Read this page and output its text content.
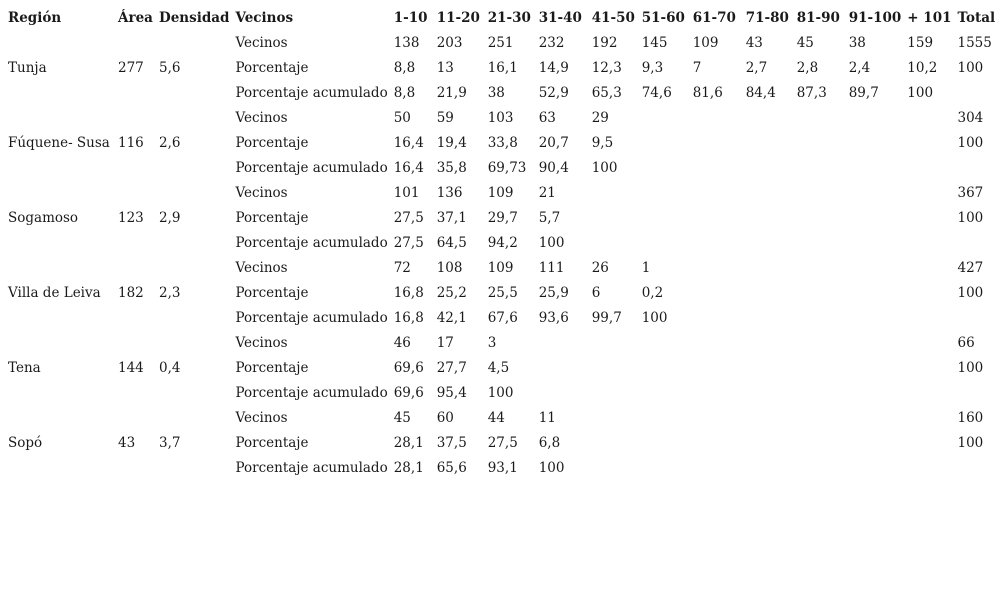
Región	Área	Densidad	Vecinos	1-10	11-20	21-30	31-40	41-50	51-60	61-70	71-80	81-90	91-100	+ 101	Total
			Vecinos	138	203	251	232	192	145	109	43	45	38	159	1555
Tunja	277	5,6	Porcentaje	8,8	13	16,1	14,9	12,3	9,3	7	2,7	2,8	2,4	10,2	100
			Porcentaje acumulado	8,8	21,9	38	52,9	65,3	74,6	81,6	84,4	87,3	89,7	100	
			Vecinos	50	59	103	63	29							304
Fúquene- Susa	116	2,6	Porcentaje	16,4	19,4	33,8	20,7	9,5							100
			Porcentaje acumulado	16,4	35,8	69,73	90,4	100							
			Vecinos	101	136	109	21								367
Sogamoso	123	2,9	Porcentaje	27,5	37,1	29,7	5,7								100
			Porcentaje acumulado	27,5	64,5	94,2	100								
			Vecinos	72	108	109	111	26	1						427
Villa de Leiva	182	2,3	Porcentaje	16,8	25,2	25,5	25,9	6	0,2						100
			Porcentaje acumulado	16,8	42,1	67,6	93,6	99,7	100						
			Vecinos	46	17	3									66
Tena	144	0,4	Porcentaje	69,6	27,7	4,5									100
			Porcentaje acumulado	69,6	95,4	100									
			Vecinos	45	60	44	11								160
Sopó	43	3,7	Porcentaje	28,1	37,5	27,5	6,8								100
			Porcentaje acumulado	28,1	65,6	93,1	100								
